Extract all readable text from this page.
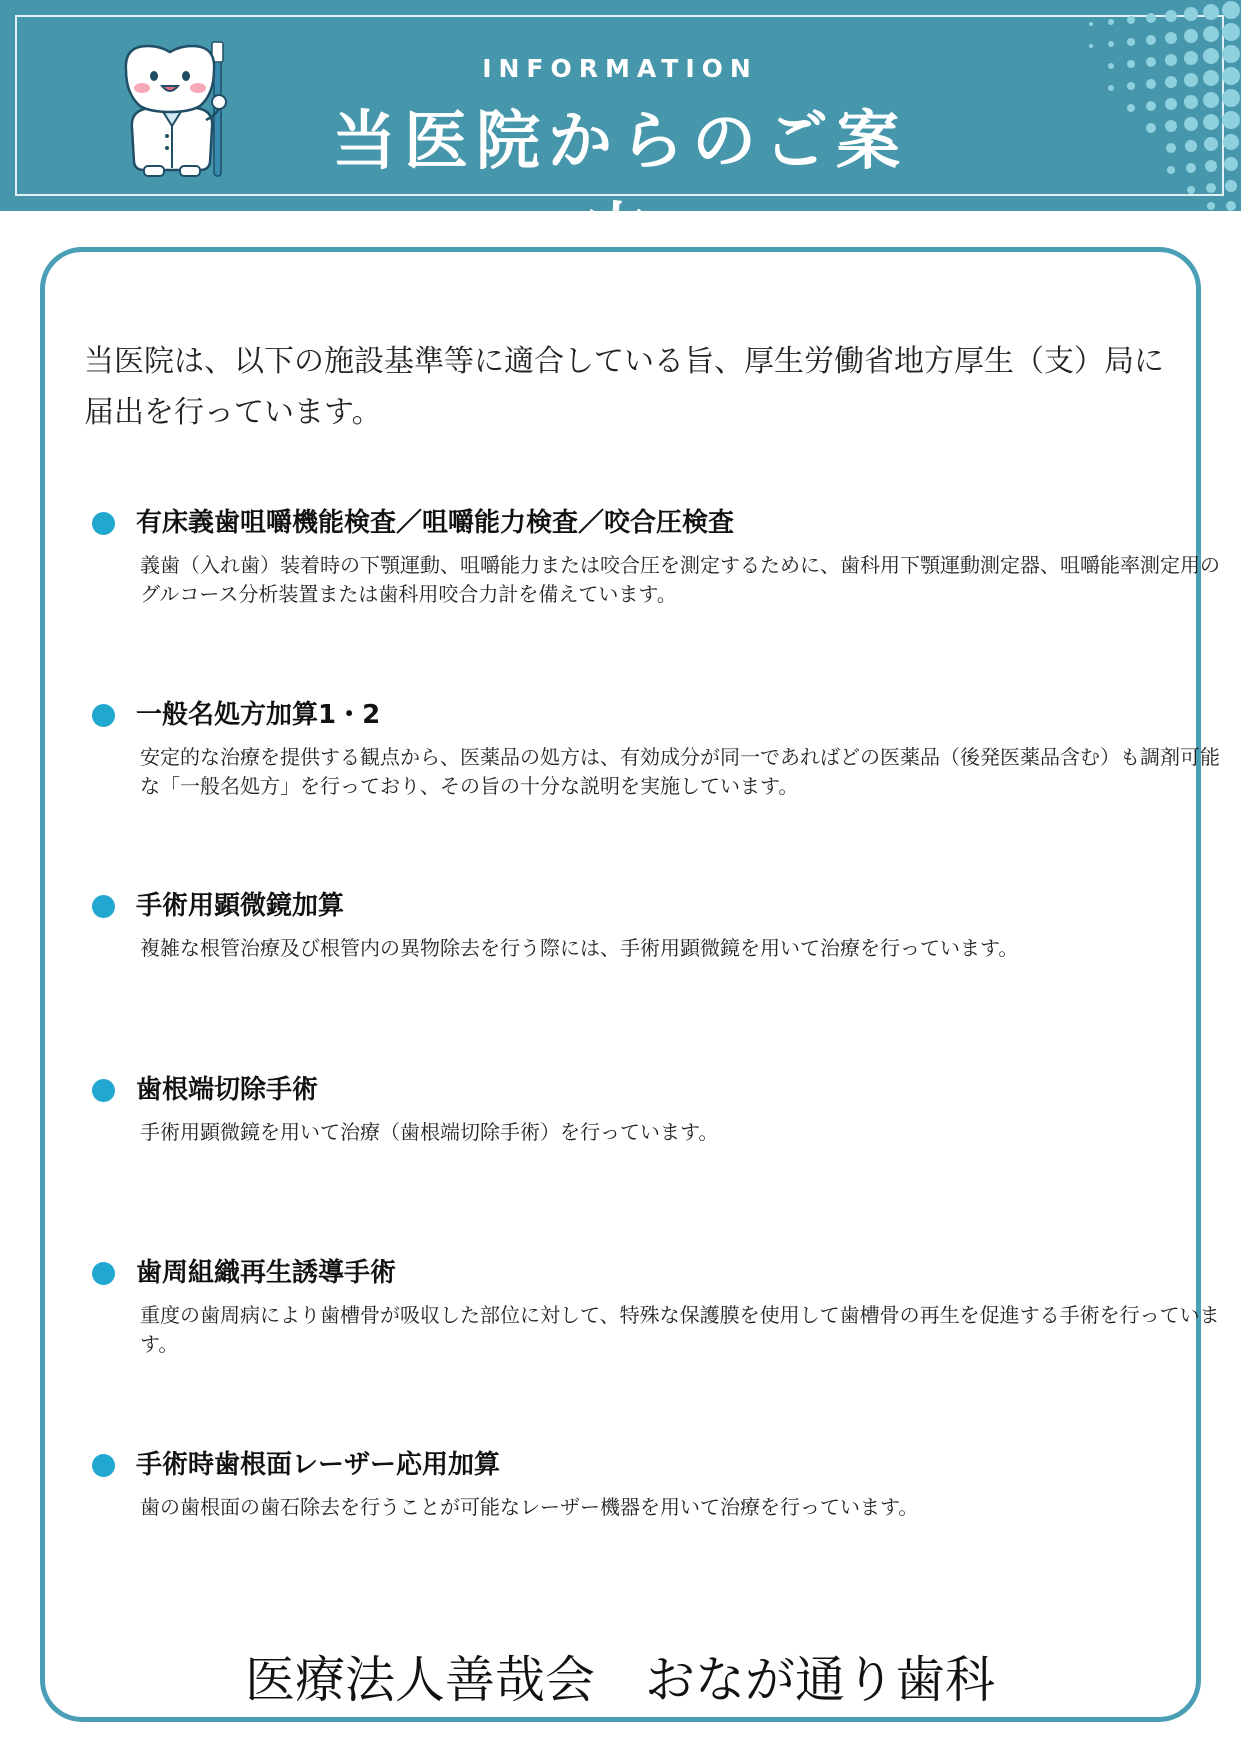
INFORMATION
当医院からのご案内
当医院は、以下の施設基準等に適合している旨、厚生労働省地方厚生（支）局に届出を行っています。
有床義歯咀嚼機能検査／咀嚼能力検査／咬合圧検査
義歯（入れ歯）装着時の下顎運動、咀嚼能力または咬合圧を測定するために、歯科用下顎運動測定器、咀嚼能率測定用のグルコース分析装置または歯科用咬合力計を備えています。
一般名処方加算1・2
安定的な治療を提供する観点から、医薬品の処方は、有効成分が同一であればどの医薬品（後発医薬品含む）も調剤可能な「一般名処方」を行っており、その旨の十分な説明を実施しています。
手術用顕微鏡加算
複雑な根管治療及び根管内の異物除去を行う際には、手術用顕微鏡を用いて治療を行っています。
歯根端切除手術
手術用顕微鏡を用いて治療（歯根端切除手術）を行っています。
歯周組織再生誘導手術
重度の歯周病により歯槽骨が吸収した部位に対して、特殊な保護膜を使用して歯槽骨の再生を促進する手術を行っています。
手術時歯根面レーザー応用加算
歯の歯根面の歯石除去を行うことが可能なレーザー機器を用いて治療を行っています。
医療法人善哉会　おなが通り歯科
